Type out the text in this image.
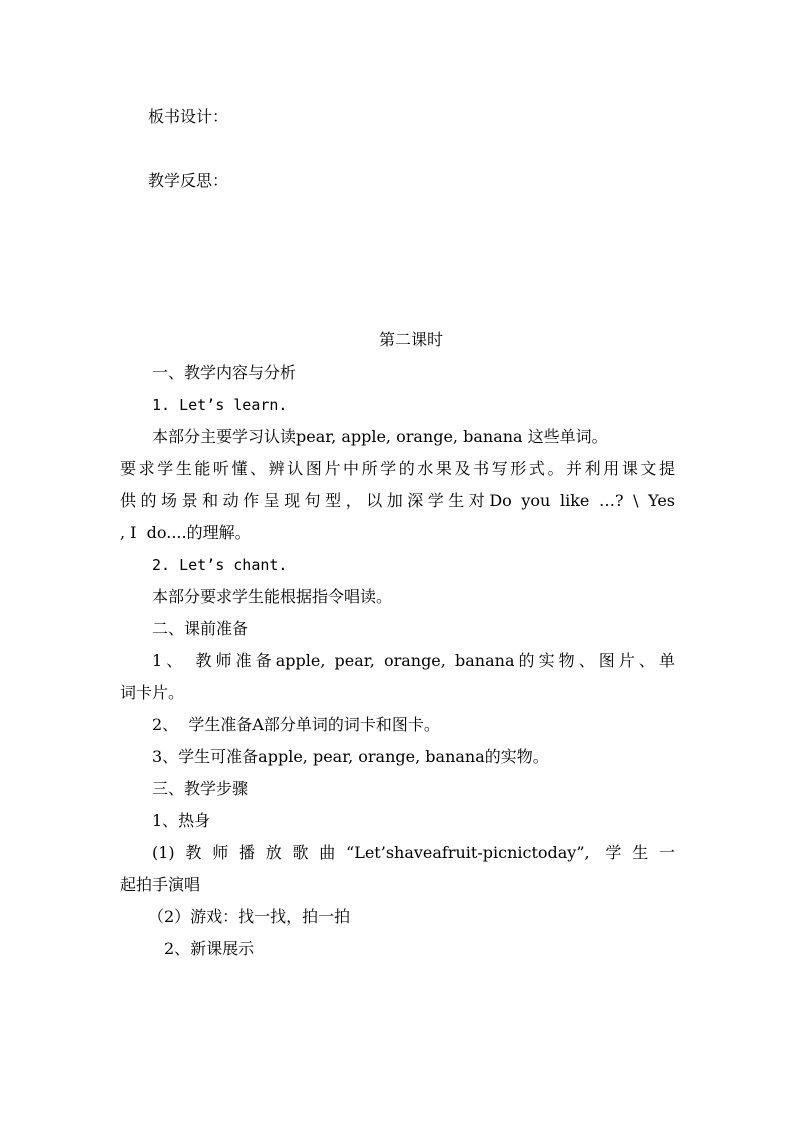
板书设计：
教学反思：
第二课时
一、教学内容与分析
1. Let’s learn.
本部分主要学习认读pear, apple, orange, banana 这些单词。
要求学生能听懂、辨认图片中所学的水果及书写形式。并利用课文提
供的场景和动作呈现句型，以加深学生对Do you like …? \ Yes
, I  do....的理解。
2. Let’s chant.
本部分要求学生能根据指令唱读。
二、课前准备
1、 教师准备apple, pear, orange, banana的实物、图片、单
词卡片。
2、  学生准备A部分单词的词卡和图卡。
3、学生可准备apple, pear, orange, banana的实物。
三、教学步骤
1、热身
(1)教师播放歌曲“Let’shaveafruit-picnictoday”, 学生一
起拍手演唱
（2）游戏：找一找，拍一拍
2、新课展示
